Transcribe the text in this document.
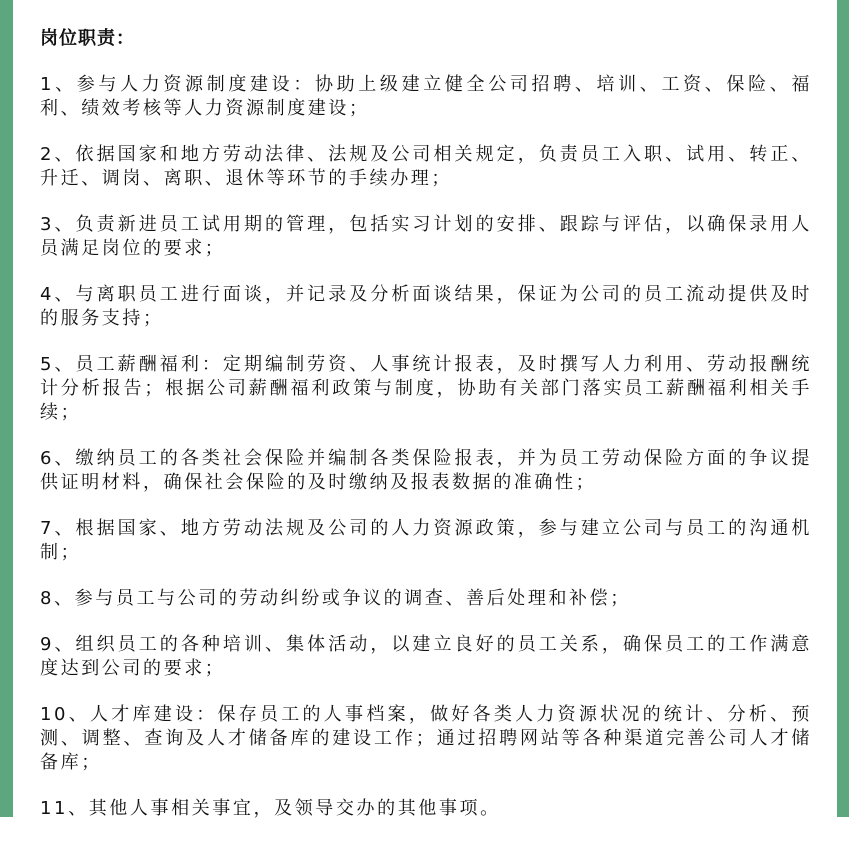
岗位职责：
1、参与人力资源制度建设：协助上级建立健全公司招聘、培训、工资、保险、福利、绩效考核等人力资源制度建设；
2、依据国家和地方劳动法律、法规及公司相关规定，负责员工入职、试用、转正、升迁、调岗、离职、退休等环节的手续办理；
3、负责新进员工试用期的管理，包括实习计划的安排、跟踪与评估，以确保录用人员满足岗位的要求；
4、与离职员工进行面谈，并记录及分析面谈结果，保证为公司的员工流动提供及时的服务支持；
5、员工薪酬福利：定期编制劳资、人事统计报表，及时撰写人力利用、劳动报酬统计分析报告；根据公司薪酬福利政策与制度，协助有关部门落实员工薪酬福利相关手续；
6、缴纳员工的各类社会保险并编制各类保险报表，并为员工劳动保险方面的争议提供证明材料，确保社会保险的及时缴纳及报表数据的准确性；
7、根据国家、地方劳动法规及公司的人力资源政策，参与建立公司与员工的沟通机制；
8、参与员工与公司的劳动纠纷或争议的调查、善后处理和补偿；
9、组织员工的各种培训、集体活动，以建立良好的员工关系，确保员工的工作满意度达到公司的要求；
10、人才库建设：保存员工的人事档案，做好各类人力资源状况的统计、分析、预测、调整、查询及人才储备库的建设工作；通过招聘网站等各种渠道完善公司人才储备库；
11、其他人事相关事宜，及领导交办的其他事项。
